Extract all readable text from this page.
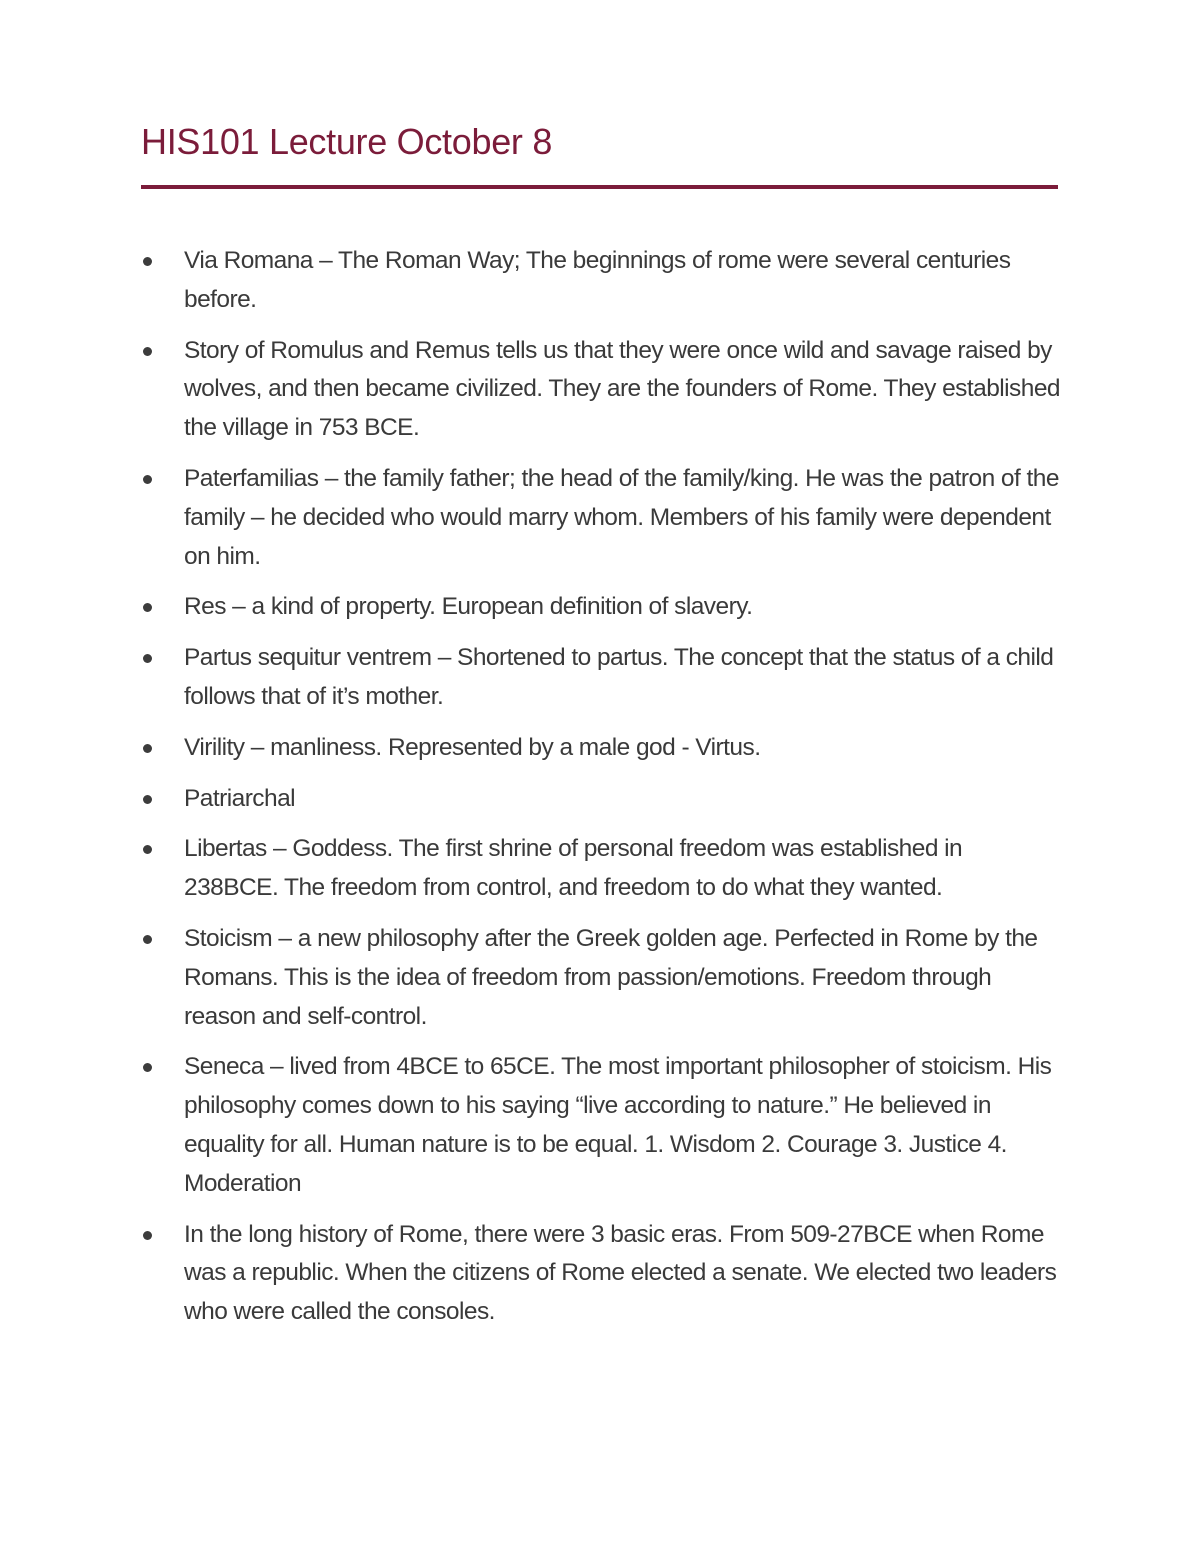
HIS101 Lecture October 8
Via Romana – The Roman Way; The beginnings of rome were several centuries before.
Story of Romulus and Remus tells us that they were once wild and savage raised by wolves, and then became civilized. They are the founders of Rome. They established the village in 753 BCE.
Paterfamilias – the family father; the head of the family/king. He was the patron of the family – he decided who would marry whom. Members of his family were dependent on him.
Res – a kind of property. European definition of slavery.
Partus sequitur ventrem – Shortened to partus. The concept that the status of a child follows that of it’s mother.
Virility – manliness. Represented by a male god - Virtus.
Patriarchal
Libertas – Goddess. The first shrine of personal freedom was established in 238BCE. The freedom from control, and freedom to do what they wanted.
Stoicism – a new philosophy after the Greek golden age. Perfected in Rome by the Romans. This is the idea of freedom from passion/emotions. Freedom through reason and self-control.
Seneca – lived from 4BCE to 65CE. The most important philosopher of stoicism. His philosophy comes down to his saying “live according to nature.” He believed in equality for all. Human nature is to be equal. 1. Wisdom 2. Courage 3. Justice 4. Moderation
In the long history of Rome, there were 3 basic eras. From 509-27BCE when Rome was a republic. When the citizens of Rome elected a senate. We elected two leaders who were called the consoles.
